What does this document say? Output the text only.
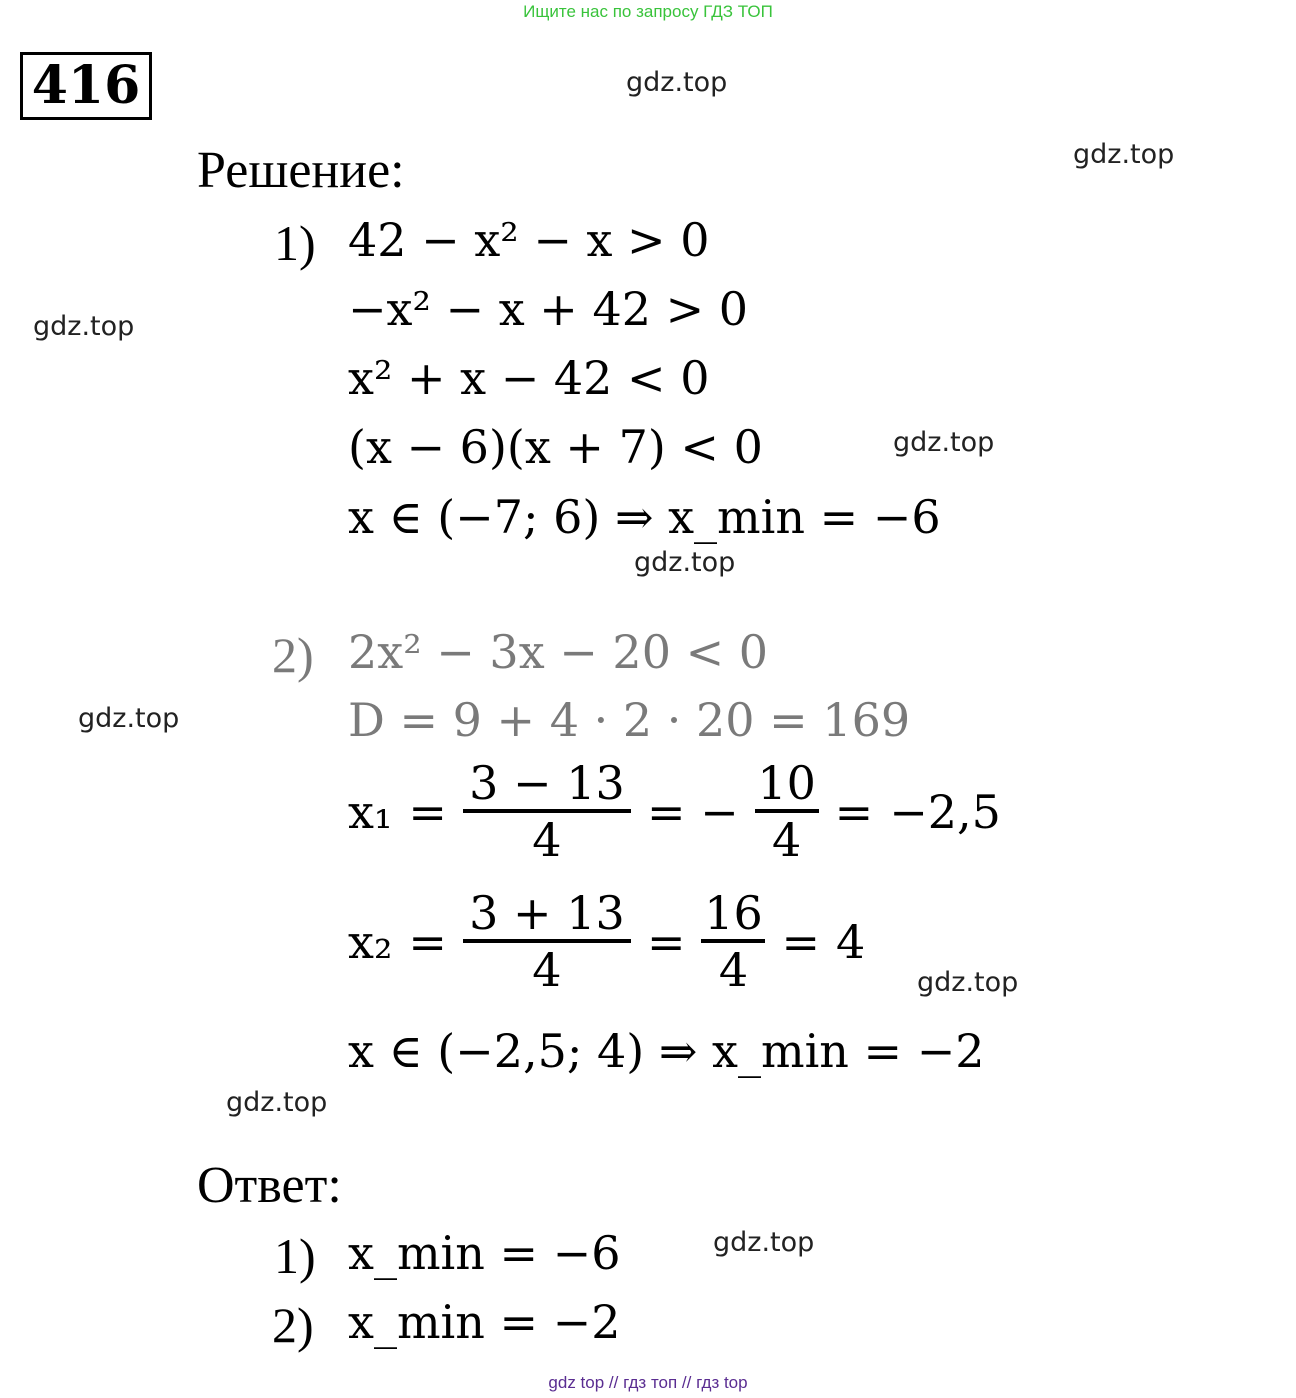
Ищите нас по запросу ГДЗ ТОП
416	gdz.top
gdz.top
gdz.top
gdz.top
gdz.top
gdz.top
gdz.top
gdz.top
gdz.top
Решение:
1) 42 − x² − x > 0
−x² − x + 42 > 0
x² + x − 42 < 0
(x − 6)(x + 7) < 0
x ∈ (−7; 6) ⇒ x_min = −6
2) 2x² − 3x − 20 < 0
D = 9 + 4 · 2 · 20 = 169
$x_1 = \frac{3 - 13}{4}$ = − $\frac{10}{4} = -2,5$
$x_2 = \frac{3 + 13}{4} = \frac{16}{4} = 4$
x ∈ (−2,5; 4) ⇒ x_min = −2
Ответ:
1) x_min = −6
2) x_min = −2
gdz top // гдз топ // гдз top
